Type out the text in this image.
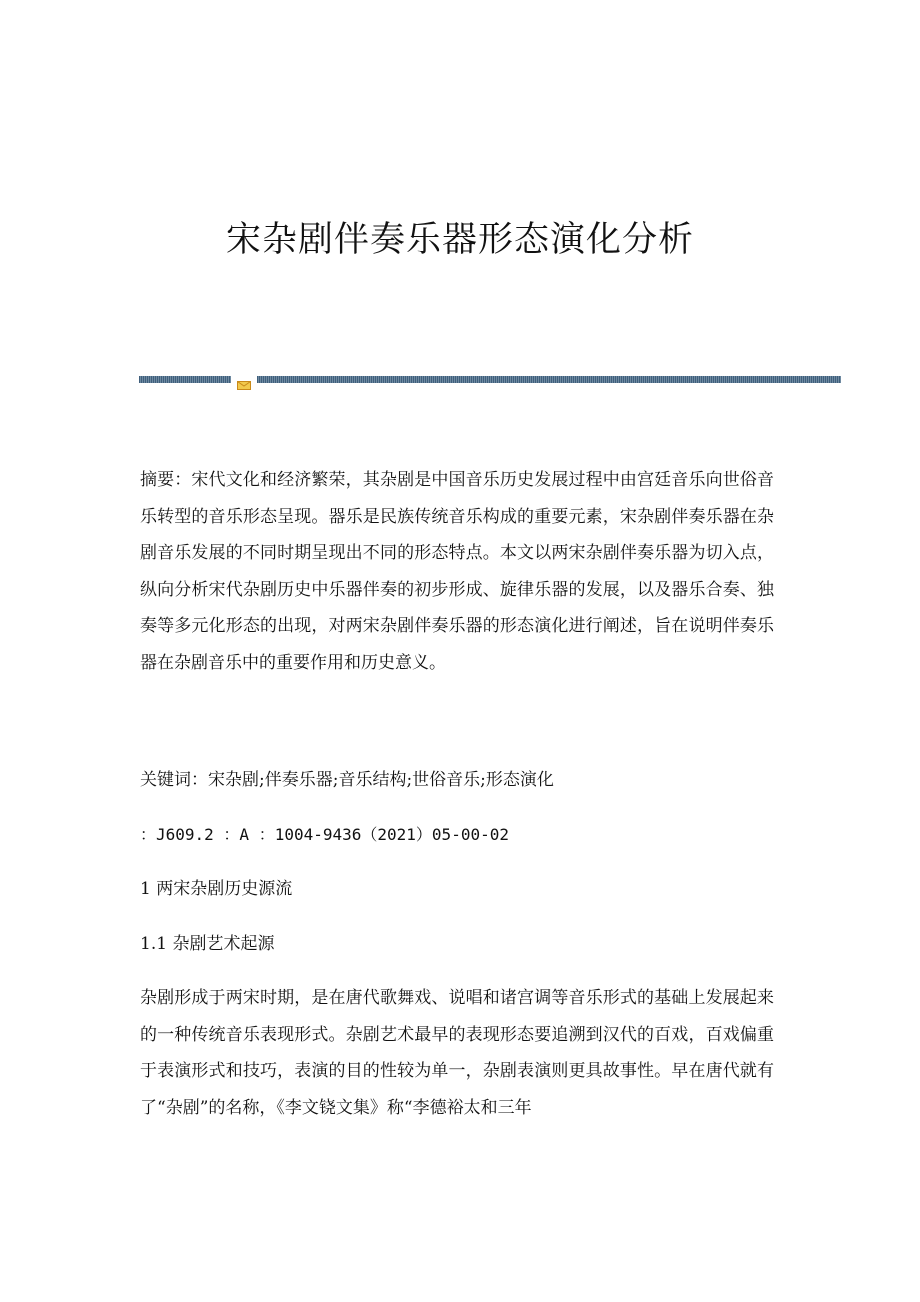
宋杂剧伴奏乐器形态演化分析

摘要：宋代文化和经济繁荣，其杂剧是中国音乐历史发展过程中由宫廷音乐向世俗音乐转型的音乐形态呈现。器乐是民族传统音乐构成的重要元素，宋杂剧伴奏乐器在杂剧音乐发展的不同时期呈现出不同的形态特点。本文以两宋杂剧伴奏乐器为切入点，纵向分析宋代杂剧历史中乐器伴奏的初步形成、旋律乐器的发展，以及器乐合奏、独奏等多元化形态的出现，对两宋杂剧伴奏乐器的形态演化进行阐述，旨在说明伴奏乐器在杂剧音乐中的重要作用和历史意义。

关键词：宋杂剧;伴奏乐器;音乐结构;世俗音乐;形态演化

：J609.2 ：A ：1004-9436（2021）05-00-02

1 两宋杂剧历史源流

1.1 杂剧艺术起源

杂剧形成于两宋时期，是在唐代歌舞戏、说唱和诸宫调等音乐形式的基础上发展起来的一种传统音乐表现形式。杂剧艺术最早的表现形态要追溯到汉代的百戏，百戏偏重于表演形式和技巧，表演的目的性较为单一，杂剧表演则更具故事性。早在唐代就有了“杂剧”的名称，《李文铙文集》称“李德裕太和三年
